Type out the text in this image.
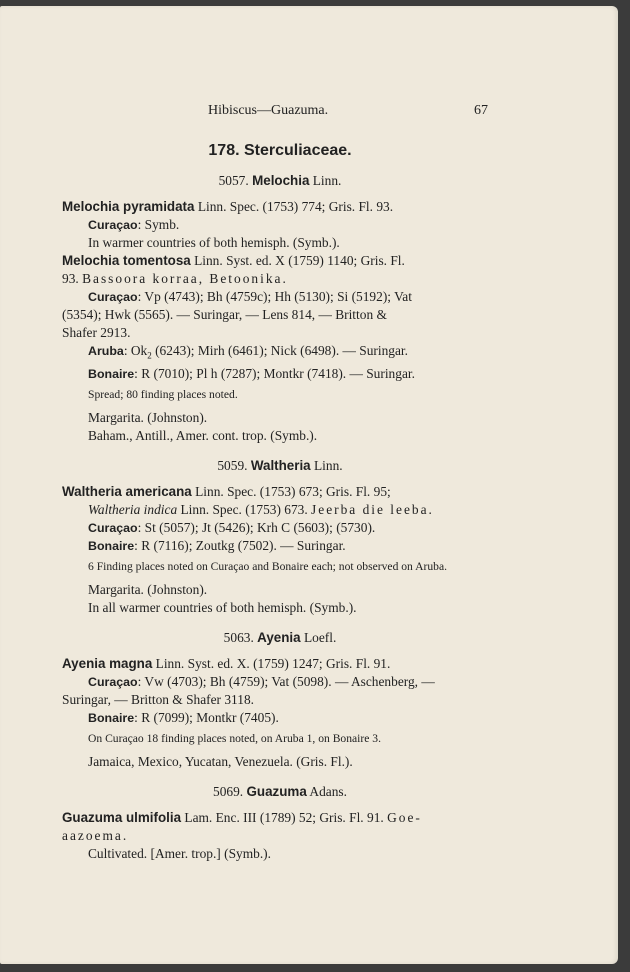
Hibiscus—Guazuma.	67
178. Sterculiaceae.
5057. Melochia Linn.

Melochia pyramidata Linn. Spec. (1753) 774; Gris. Fl. 93.

Curaçao: Symb.

In warmer countries of both hemisph. (Symb.).

Melochia tomentosa Linn. Syst. ed. X (1759) 1140; Gris. Fl.

93. Bassoora korraa, Betoonika.

Curaçao: Vp (4743); Bh (4759c); Hh (5130); Si (5192); Vat

(5354); Hwk (5565). — Suringar, — Lens 814, — Britton &

Shafer 2913.

Aruba: $Ok_2$ (6243); Mirh (6461); Nick (6498). — Suringar.

Bonaire: R (7010); Pl h (7287); Montkr (7418). — Suringar.

Spread; 80 finding places noted.

Margarita. (Johnston).

Baham., Antill., Amer. cont. trop. (Symb.).

5059. Waltheria Linn.

Waltheria americana Linn. Spec. (1753) 673; Gris. Fl. 95;

Waltheria indica Linn. Spec. (1753) 673. Jeerba die leeba.

Curaçao: St (5057); Jt (5426); Krh C (5603); (5730).

Bonaire: R (7116); Zoutkg (7502). — Suringar.

6 Finding places noted on Curaçao and Bonaire each; not observed on Aruba.

Margarita. (Johnston).

In all warmer countries of both hemisph. (Symb.).

5063. Ayenia Loefl.

Ayenia magna Linn. Syst. ed. X. (1759) 1247; Gris. Fl. 91.

Curaçao: Vw (4703); Bh (4759); Vat (5098). — Aschenberg, —

Suringar, — Britton & Shafer 3118.

Bonaire: R (7099); Montkr (7405).

On Curaçao 18 finding places noted, on Aruba 1, on Bonaire 3.

Jamaica, Mexico, Yucatan, Venezuela. (Gris. Fl.).

5069. Guazuma Adans.

Guazuma ulmifolia Lam. Enc. III (1789) 52; Gris. Fl. 91. Goe-

aazoema.

Cultivated. [Amer. trop.] (Symb.).
